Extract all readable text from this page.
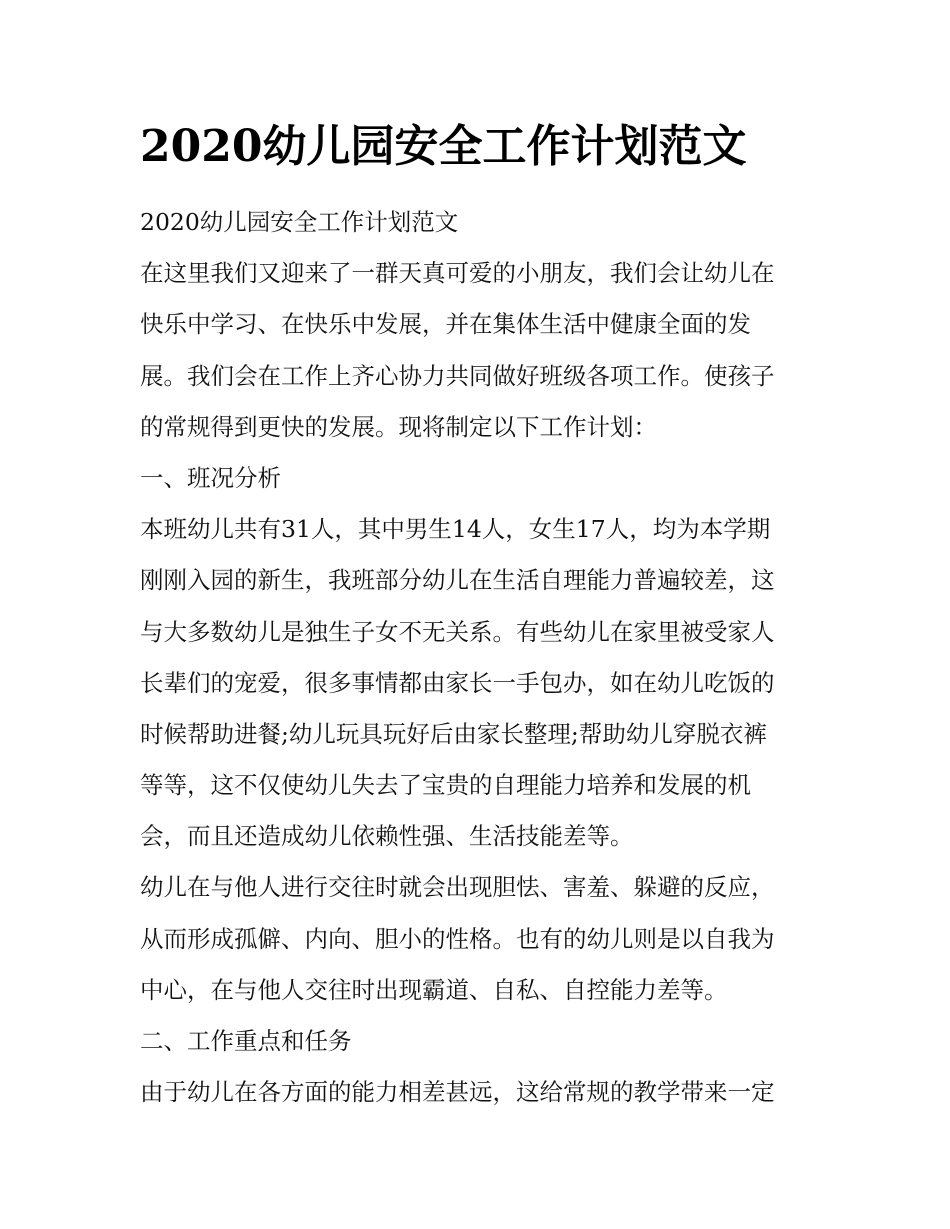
2020幼儿园安全工作计划范文
2020幼儿园安全工作计划范文
在这里我们又迎来了一群天真可爱的小朋友，我们会让幼儿在
快乐中学习、在快乐中发展，并在集体生活中健康全面的发
展。我们会在工作上齐心协力共同做好班级各项工作。使孩子
的常规得到更快的发展。现将制定以下工作计划：
一、班况分析
本班幼儿共有31人，其中男生14人，女生17人，均为本学期
刚刚入园的新生，我班部分幼儿在生活自理能力普遍较差，这
与大多数幼儿是独生子女不无关系。有些幼儿在家里被受家人
长辈们的宠爱，很多事情都由家长一手包办，如在幼儿吃饭的
时候帮助进餐;幼儿玩具玩好后由家长整理;帮助幼儿穿脱衣裤
等等，这不仅使幼儿失去了宝贵的自理能力培养和发展的机
会，而且还造成幼儿依赖性强、生活技能差等。
幼儿在与他人进行交往时就会出现胆怯、害羞、躲避的反应，
从而形成孤僻、内向、胆小的性格。也有的幼儿则是以自我为
中心，在与他人交往时出现霸道、自私、自控能力差等。
二、工作重点和任务
由于幼儿在各方面的能力相差甚远，这给常规的教学带来一定
